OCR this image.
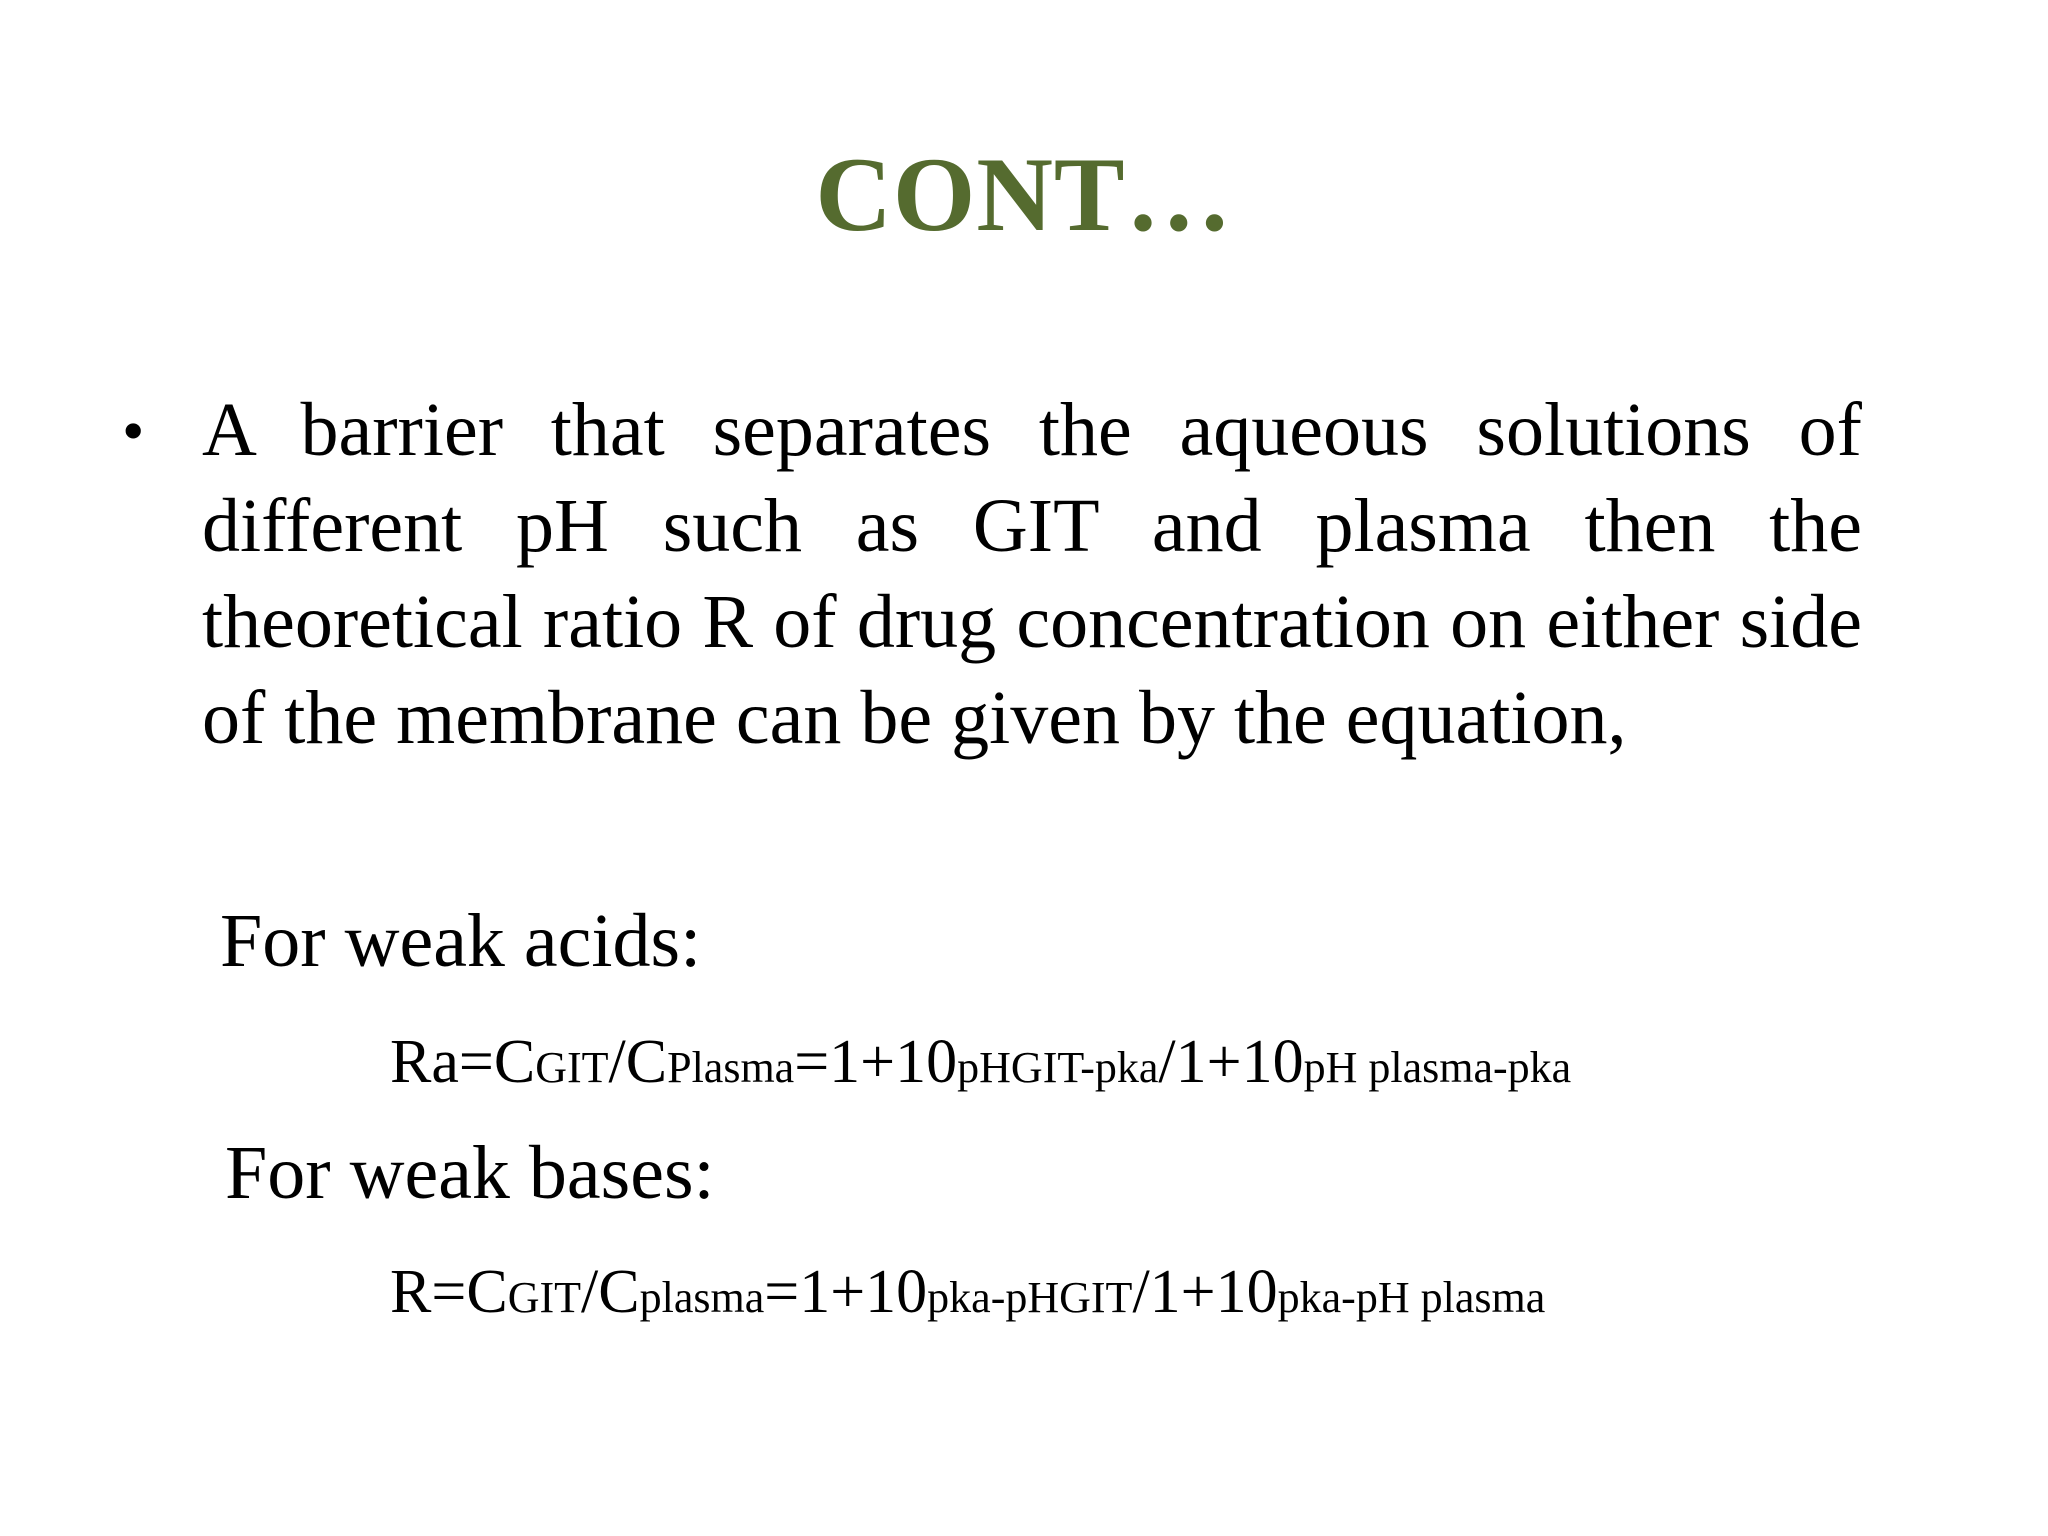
CONT…
• A barrier that separates the aqueous solutions of different pH such as GIT and plasma then the theoretical ratio R of drug concentration on either side of the membrane can be given by the equation,

For weak acids:

Ra=CGIT/CPlasma=1+10pHGIT-pka/1+10pH plasma-pka

For weak bases:

R=CGIT/Cplasma=1+10pka-pHGIT/1+10pka-pH plasma
